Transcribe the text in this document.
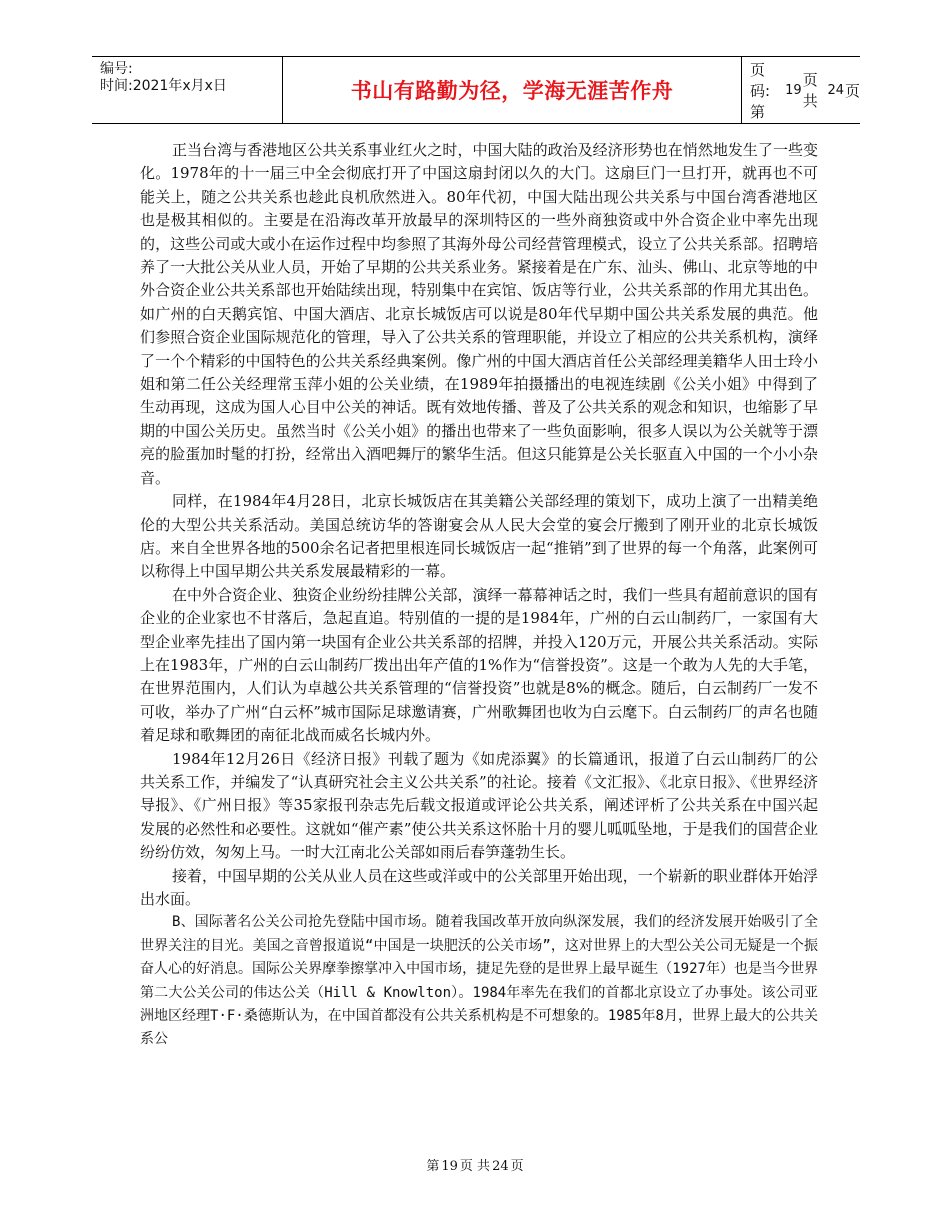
编号:
时间:2021年x月x日	书山有路勤为径，学海无涯苦作舟
页码:第
19
页 共
24 页

正当台湾与香港地区公共关系事业红火之时，中国大陆的政治及经济形势也在悄然地发生了一些变化。1978年的十一届三中全会彻底打开了中国这扇封闭以久的大门。这扇巨门一旦打开，就再也不可能关上，随之公共关系也趁此良机欣然进入。80年代初，中国大陆出现公共关系与中国台湾香港地区也是极其相似的。主要是在沿海改革开放最早的深圳特区的一些外商独资或中外合资企业中率先出现的，这些公司或大或小在运作过程中均参照了其海外母公司经营管理模式，设立了公共关系部。招聘培养了一大批公关从业人员，开始了早期的公共关系业务。紧接着是在广东、汕头、佛山、北京等地的中外合资企业公共关系部也开始陆续出现，特别集中在宾馆、饭店等行业，公共关系部的作用尤其出色。如广州的白天鹅宾馆、中国大酒店、北京长城饭店可以说是80年代早期中国公共关系发展的典范。他们参照合资企业国际规范化的管理，导入了公共关系的管理职能，并设立了相应的公共关系机构，演绎了一个个精彩的中国特色的公共关系经典案例。像广州的中国大酒店首任公关部经理美籍华人田士玲小姐和第二任公关经理常玉萍小姐的公关业绩，在1989年拍摄播出的电视连续剧《公关小姐》中得到了生动再现，这成为国人心目中公关的神话。既有效地传播、普及了公共关系的观念和知识，也缩影了早期的中国公关历史。虽然当时《公关小姐》的播出也带来了一些负面影响，很多人误以为公关就等于漂亮的脸蛋加时髦的打扮，经常出入酒吧舞厅的繁华生活。但这只能算是公关长驱直入中国的一个小小杂音。

同样，在1984年4月28日，北京长城饭店在其美籍公关部经理的策划下，成功上演了一出精美绝伦的大型公共关系活动。美国总统访华的答谢宴会从人民大会堂的宴会厅搬到了刚开业的北京长城饭店。来自全世界各地的500余名记者把里根连同长城饭店一起“推销”到了世界的每一个角落，此案例可以称得上中国早期公共关系发展最精彩的一幕。

在中外合资企业、独资企业纷纷挂牌公关部，演绎一幕幕神话之时，我们一些具有超前意识的国有企业的企业家也不甘落后，急起直追。特别值的一提的是1984年，广州的白云山制药厂，一家国有大型企业率先挂出了国内第一块国有企业公共关系部的招牌，并投入120万元，开展公共关系活动。实际上在1983年，广州的白云山制药厂拨出出年产值的1%作为“信誉投资”。这是一个敢为人先的大手笔，在世界范围内，人们认为卓越公共关系管理的“信誉投资”也就是8%的概念。随后，白云制药厂一发不可收，举办了广州“白云杯”城市国际足球邀请赛，广州歌舞团也收为白云麾下。白云制药厂的声名也随着足球和歌舞团的南征北战而威名长城内外。

1984年12月26日《经济日报》刊载了题为《如虎添翼》的长篇通讯，报道了白云山制药厂的公共关系工作，并编发了“认真研究社会主义公共关系”的社论。接着《文汇报》、《北京日报》、《世界经济导报》、《广州日报》等35家报刊杂志先后载文报道或评论公共关系，阐述评析了公共关系在中国兴起发展的必然性和必要性。这就如“催产素”使公共关系这怀胎十月的婴儿呱呱坠地，于是我们的国营企业纷纷仿效，匆匆上马。一时大江南北公关部如雨后春笋蓬勃生长。

接着，中国早期的公关从业人员在这些或洋或中的公关部里开始出现，一个崭新的职业群体开始浮出水面。

B、国际著名公关公司抢先登陆中国市场。随着我国改革开放向纵深发展，我们的经济发展开始吸引了全世界关注的目光。美国之音曾报道说“中国是一块肥沃的公关市场”，这对世界上的大型公关公司无疑是一个振奋人心的好消息。国际公关界摩拳擦掌冲入中国市场，捷足先登的是世界上最早诞生（1927年）也是当今世界第二大公关公司的伟达公关（Hill & Knowlton）。1984年率先在我们的首都北京设立了办事处。该公司亚洲地区经理T·F·桑德斯认为，在中国首都没有公共关系机构是不可想象的。1985年8月，世界上最大的公共关系公

第 19 页 共 24 页
